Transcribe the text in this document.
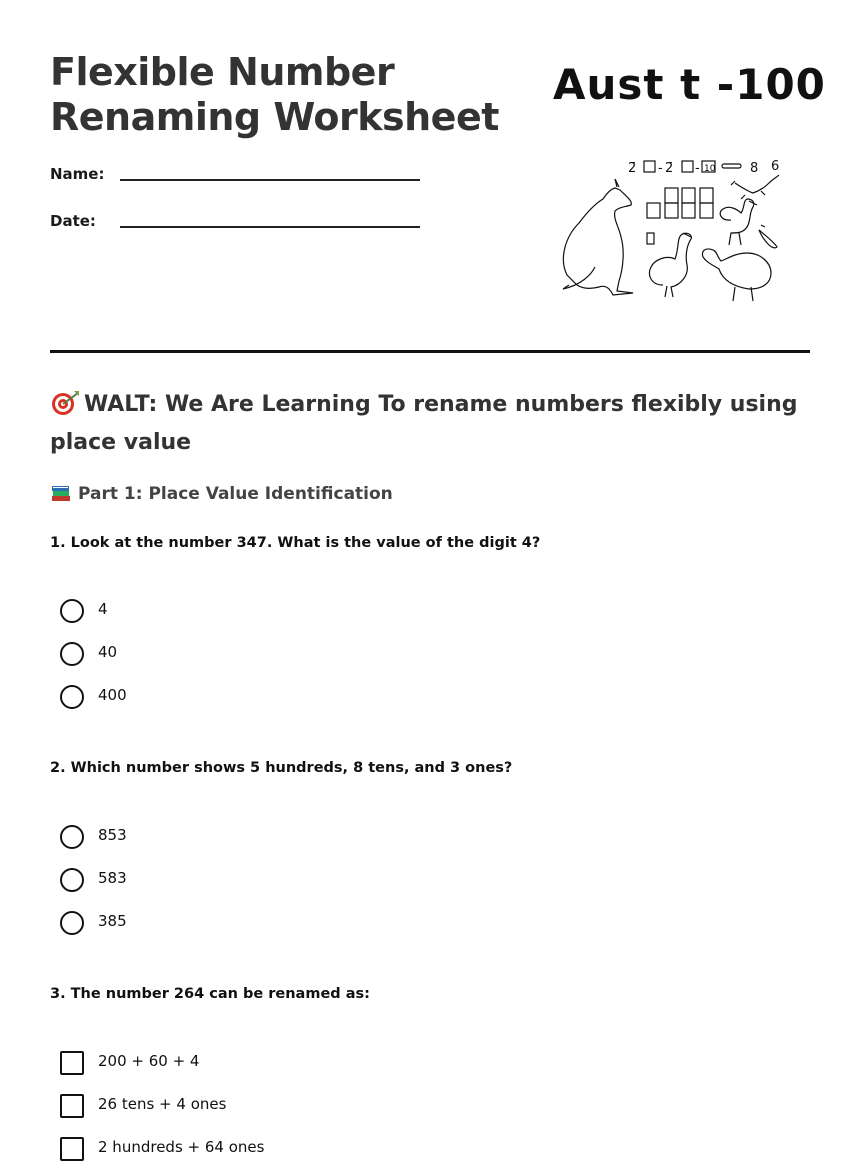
Flexible Number Renaming Worksheet
Name:
Date:
Aust t -100
2̄ - 2̄ - 10	8 6
WALT: We Are Learning To rename numbers flexibly using place value
Part 1: Place Value Identification
1. Look at the number 347. What is the value of the digit 4?
4
40
400
2. Which number shows 5 hundreds, 8 tens, and 3 ones?
853
583
385
3. The number 264 can be renamed as:
200 + 60 + 4
26 tens + 4 ones
2 hundreds + 64 ones
